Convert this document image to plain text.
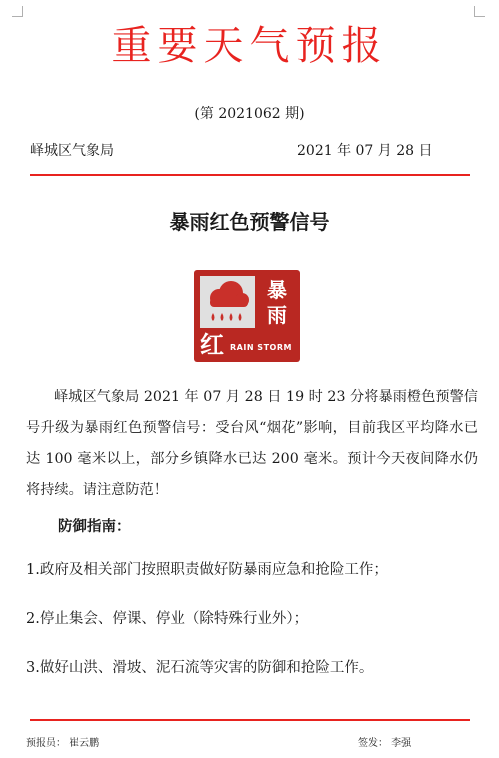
重要天气预报
(第 2021062 期)
峄城区气象局	2021 年 07 月 28 日
暴雨红色预警信号
暴
雨
红 RAIN STORM
峄城区气象局 2021 年 07 月 28 日 19 时 23 分将暴雨橙色预警信号升级为暴雨红色预警信号：受台风“烟花”影响，目前我区平均降水已达 100 毫米以上，部分乡镇降水已达 200 毫米。预计今天夜间降水仍将持续。请注意防范！
防御指南：
1.政府及相关部门按照职责做好防暴雨应急和抢险工作；
2.停止集会、停课、停业（除特殊行业外）；
3.做好山洪、滑坡、泥石流等灾害的防御和抢险工作。
预报员： 崔云鹏	签发： 李强
